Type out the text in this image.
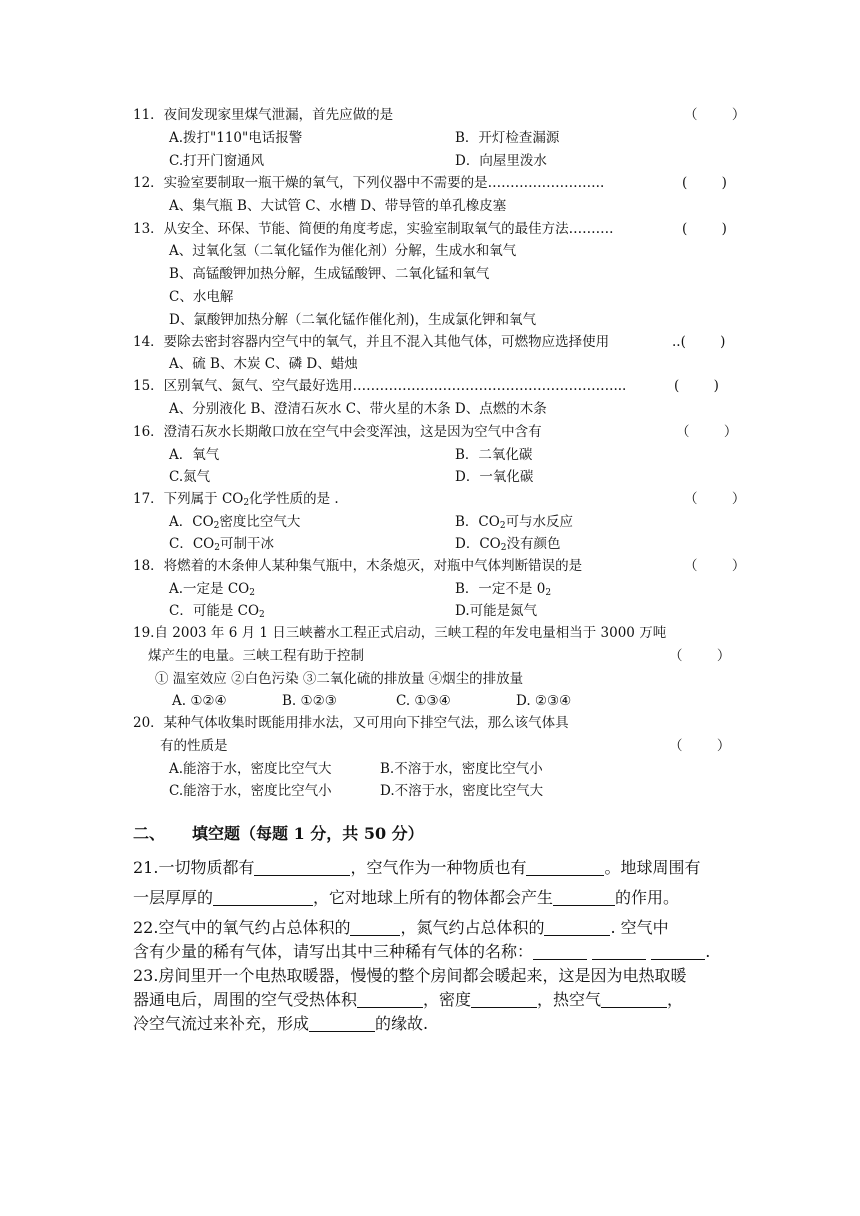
11．夜间发现家里煤气泄漏，首先应做的是	（        ）
A.拨打"110"电话报警	B．开灯检查漏源
C.打开门窗通风	D．向屋里泼水
12．实验室要制取一瓶干燥的氧气，下列仪器中不需要的是……………………..	(        )
A、集气瓶 B、大试管 C、水槽 D、带导管的单孔橡皮塞
13．从安全、环保、节能、简便的角度考虑，实验室制取氧气的最佳方法……….	(        )
A、过氧化氢（二氧化锰作为催化剂）分解，生成水和氧气
B、高锰酸钾加热分解，生成锰酸钾、二氧化锰和氧气
C、水电解
D、氯酸钾加热分解（二氧化锰作催化剂)，生成氯化钾和氧气
14．要除去密封容器内空气中的氧气，并且不混入其他气体，可燃物应选择使用	..(        )
A、硫 B、木炭 C、磷 D、蜡烛
15．区别氧气、氮气、空气最好选用…………………………………………………....	(        )
A、分别液化 B、澄清石灰水 C、带火星的木条 D、点燃的木条
16．澄清石灰水长期敞口放在空气中会变浑浊，这是因为空气中含有	（        ）
A．氧气	B．二氧化碳
C.氮气	D．一氧化碳
17．下列属于 $CO_2$化学性质的是 .	（        ）
A．$CO_2$密度比空气大	B．$CO_2$可与水反应
C．$CO_2$可制干冰	D．$CO_2$没有颜色
18．将燃着的木条伸人某种集气瓶中，木条熄灭，对瓶中气体判断错误的是	（        ）
A.一定是 $CO_2$	B．一定不是 $0_2$
C．可能是 $CO_2$	D.可能是氮气
19.自 2003 年 6 月 1 日三峡蓄水工程正式启动，三峡工程的年发电量相当于 3000 万吨
煤产生的电量。三峡工程有助于控制	（        ）
① 温室效应 ②白色污染 ③二氧化硫的排放量 ④烟尘的排放量
A. ①②④	B. ①②③	C. ①③④	D. ②③④
20．某种气体收集时既能用排水法，又可用向下排空气法，那么该气体具
有的性质是	（        ）
A.能溶于水，密度比空气大	B.不溶于水，密度比空气小
C.能溶于水，密度比空气小	D.不溶于水，密度比空气大
二、 填空题（每题 1 分，共 50 分）
21.一切物质都有	，空气作为一种物质也有	。地球周围有
一层厚厚的	，它对地球上所有的物体都会产生	的作用。
22.空气中的氧气约占总体积的	，氮气约占总体积的	. 空气中
含有少量的稀有气体，请写出其中三种稀有气体的名称：	.
23.房间里开一个电热取暖器，慢慢的整个房间都会暖起来，这是因为电热取暖
器通电后，周围的空气受热体积	，密度	，热空气	，
冷空气流过来补充，形成	的缘故.
